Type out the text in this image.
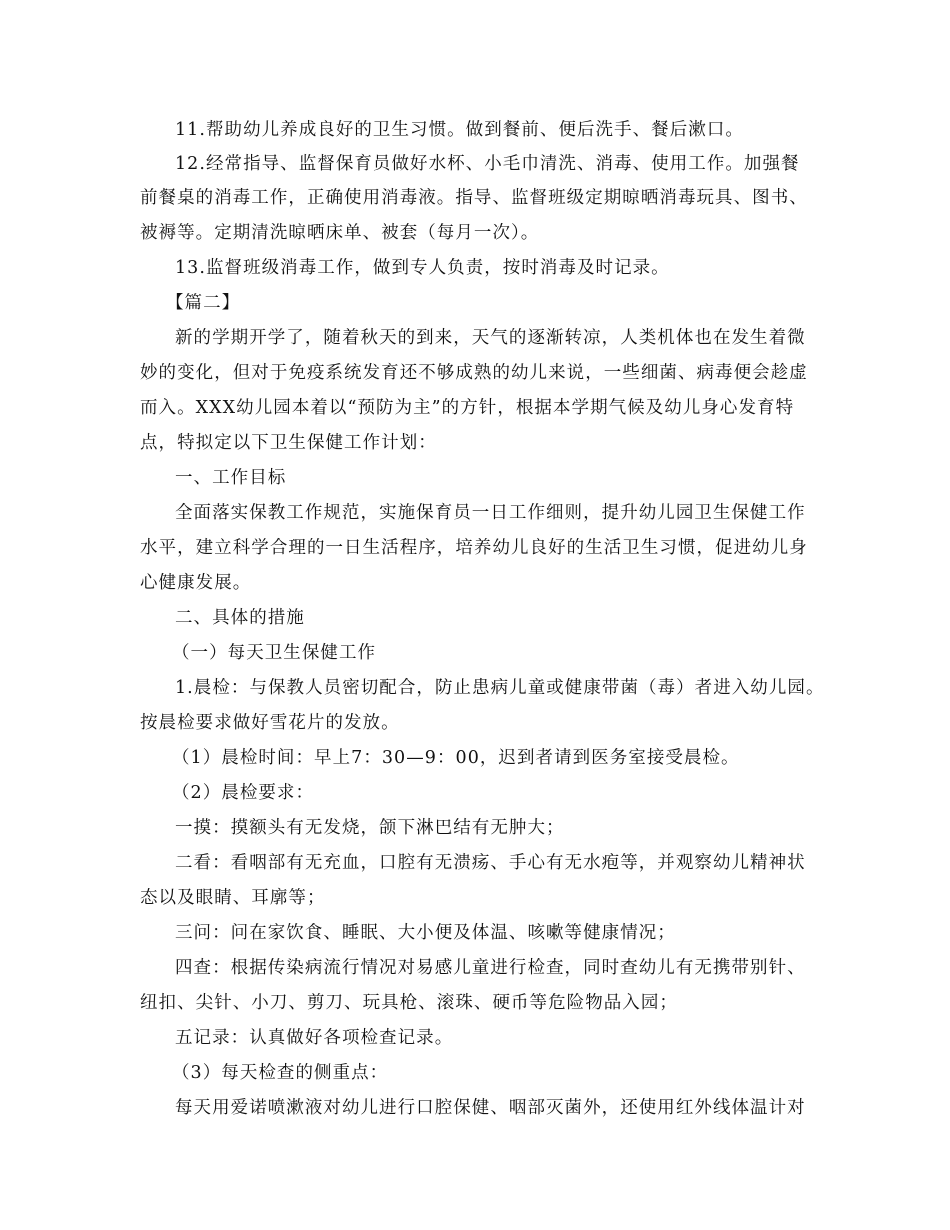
11.帮助幼儿养成良好的卫生习惯。做到餐前、便后洗手、餐后漱口。
12.经常指导、监督保育员做好水杯、小毛巾清洗、消毒、使用工作。加强餐
前餐桌的消毒工作，正确使用消毒液。指导、监督班级定期晾晒消毒玩具、图书、
被褥等。定期清洗晾晒床单、被套（每月一次）。
13.监督班级消毒工作，做到专人负责，按时消毒及时记录。
【篇二】
新的学期开学了，随着秋天的到来，天气的逐渐转凉，人类机体也在发生着微
妙的变化，但对于免疫系统发育还不够成熟的幼儿来说，一些细菌、病毒便会趁虚
而入。XXX幼儿园本着以“预防为主”的方针，根据本学期气候及幼儿身心发育特
点，特拟定以下卫生保健工作计划：
一、工作目标
全面落实保教工作规范，实施保育员一日工作细则，提升幼儿园卫生保健工作
水平，建立科学合理的一日生活程序，培养幼儿良好的生活卫生习惯，促进幼儿身
心健康发展。
二、具体的措施
（一）每天卫生保健工作
1.晨检：与保教人员密切配合，防止患病儿童或健康带菌（毒）者进入幼儿园。
按晨检要求做好雪花片的发放。
（1）晨检时间：早上7：30—9：00，迟到者请到医务室接受晨检。
（2）晨检要求：
一摸：摸额头有无发烧，颌下淋巴结有无肿大；
二看：看咽部有无充血，口腔有无溃疡、手心有无水疱等，并观察幼儿精神状
态以及眼睛、耳廓等；
三问：问在家饮食、睡眠、大小便及体温、咳嗽等健康情况；
四查：根据传染病流行情况对易感儿童进行检查，同时查幼儿有无携带别针、
纽扣、尖针、小刀、剪刀、玩具枪、滚珠、硬币等危险物品入园；
五记录：认真做好各项检查记录。
（3）每天检查的侧重点：
每天用爱诺喷漱液对幼儿进行口腔保健、咽部灭菌外，还使用红外线体温计对
